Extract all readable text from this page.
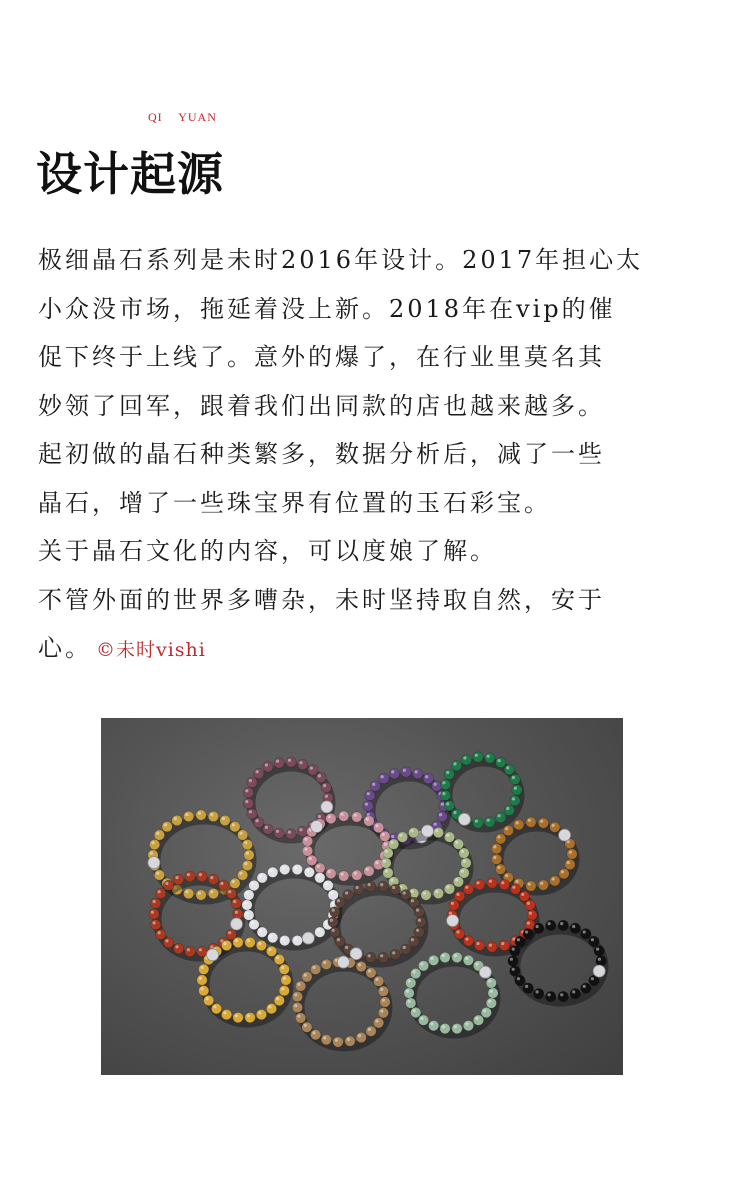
QI    YUAN
设计起源
极细晶石系列是未时2016年设计。2017年担心太
小众没市场，拖延着没上新。2018年在vip的催
促下终于上线了。意外的爆了，在行业里莫名其
妙领了回军，跟着我们出同款的店也越来越多。
起初做的晶石种类繁多，数据分析后，减了一些
晶石，增了一些珠宝界有位置的玉石彩宝。
关于晶石文化的内容，可以度娘了解。
不管外面的世界多嘈杂，未时坚持取自然，安于
心。 ©未时vishi
